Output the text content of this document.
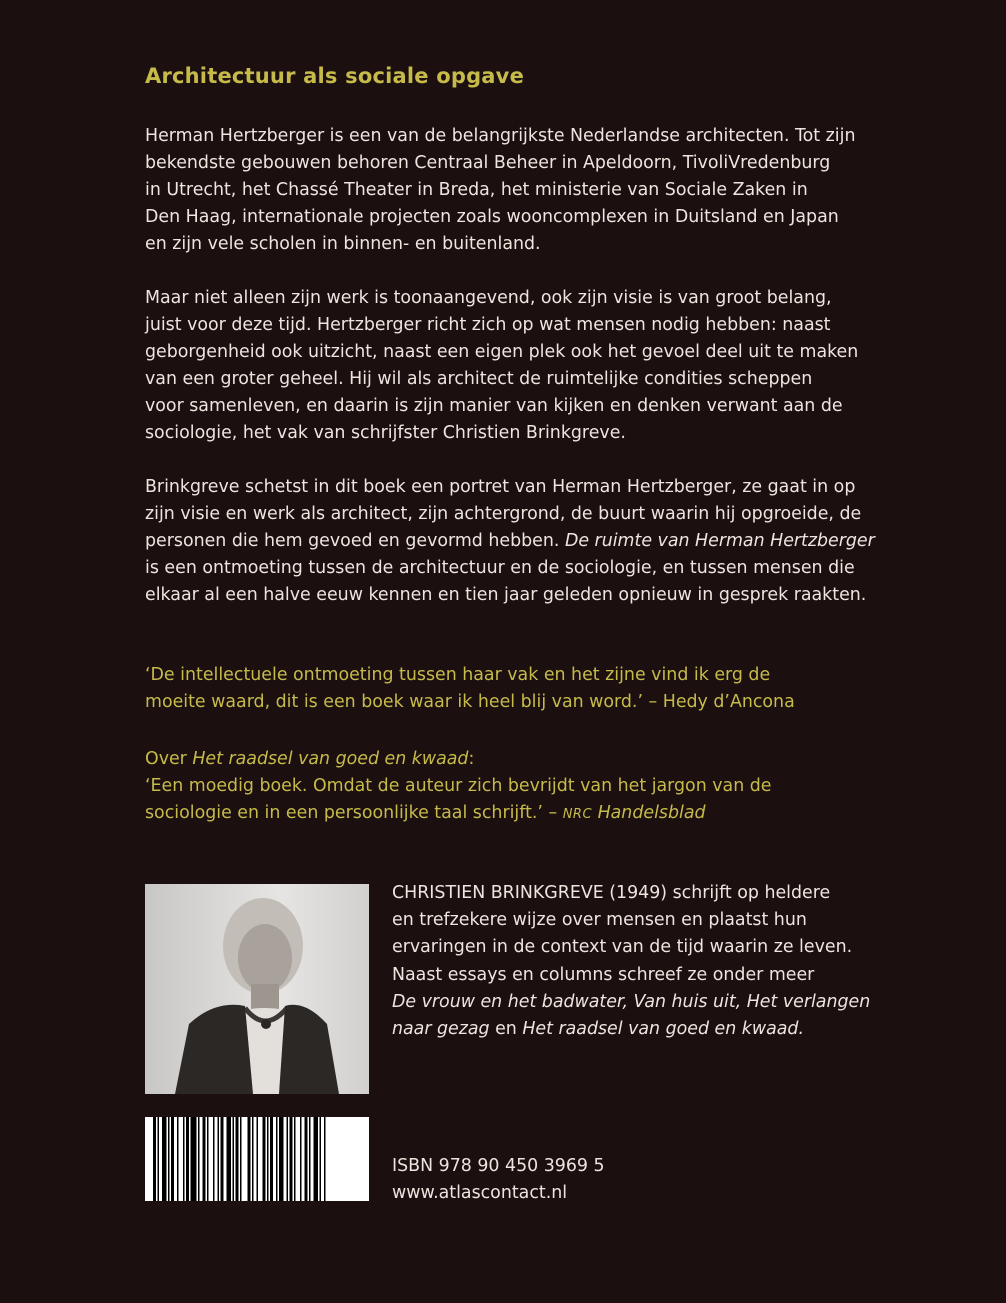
Architectuur als sociale opgave

Herman Hertzberger is een van de belangrijkste Nederlandse architecten. Tot zijn
bekendste gebouwen behoren Centraal Beheer in Apeldoorn, TivoliVredenburg
in Utrecht, het Chassé Theater in Breda, het ministerie van Sociale Zaken in
Den Haag, internationale projecten zoals wooncomplexen in Duitsland en Japan
en zijn vele scholen in binnen- en buitenland.

Maar niet alleen zijn werk is toonaangevend, ook zijn visie is van groot belang,
juist voor deze tijd. Hertzberger richt zich op wat mensen nodig hebben: naast
geborgenheid ook uitzicht, naast een eigen plek ook het gevoel deel uit te maken
van een groter geheel. Hij wil als architect de ruimtelijke condities scheppen
voor samenleven, en daarin is zijn manier van kijken en denken verwant aan de
sociologie, het vak van schrijfster Christien Brinkgreve.

Brinkgreve schetst in dit boek een portret van Herman Hertzberger, ze gaat in op
zijn visie en werk als architect, zijn achtergrond, de buurt waarin hij opgroeide, de
personen die hem gevoed en gevormd hebben. De ruimte van Herman Hertzberger
is een ontmoeting tussen de architectuur en de sociologie, en tussen mensen die
elkaar al een halve eeuw kennen en tien jaar geleden opnieuw in gesprek raakten.

‘De intellectuele ontmoeting tussen haar vak en het zijne vind ik erg de
moeite waard, dit is een boek waar ik heel blij van word.’ – Hedy d’Ancona

Over Het raadsel van goed en kwaad:
‘Een moedig boek. Omdat de auteur zich bevrijdt van het jargon van de
sociologie en in een persoonlijke taal schrijft.’ – NRC Handelsblad

CHRISTIEN BRINKGREVE (1949) schrijft op heldere
en trefzekere wijze over mensen en plaatst hun
ervaringen in de context van de tijd waarin ze leven.
Naast essays en columns schreef ze onder meer
De vrouw en het badwater, Van huis uit, Het verlangen
naar gezag en Het raadsel van goed en kwaad.

ISBN 978 90 450 3969 5
www.atlascontact.nl
